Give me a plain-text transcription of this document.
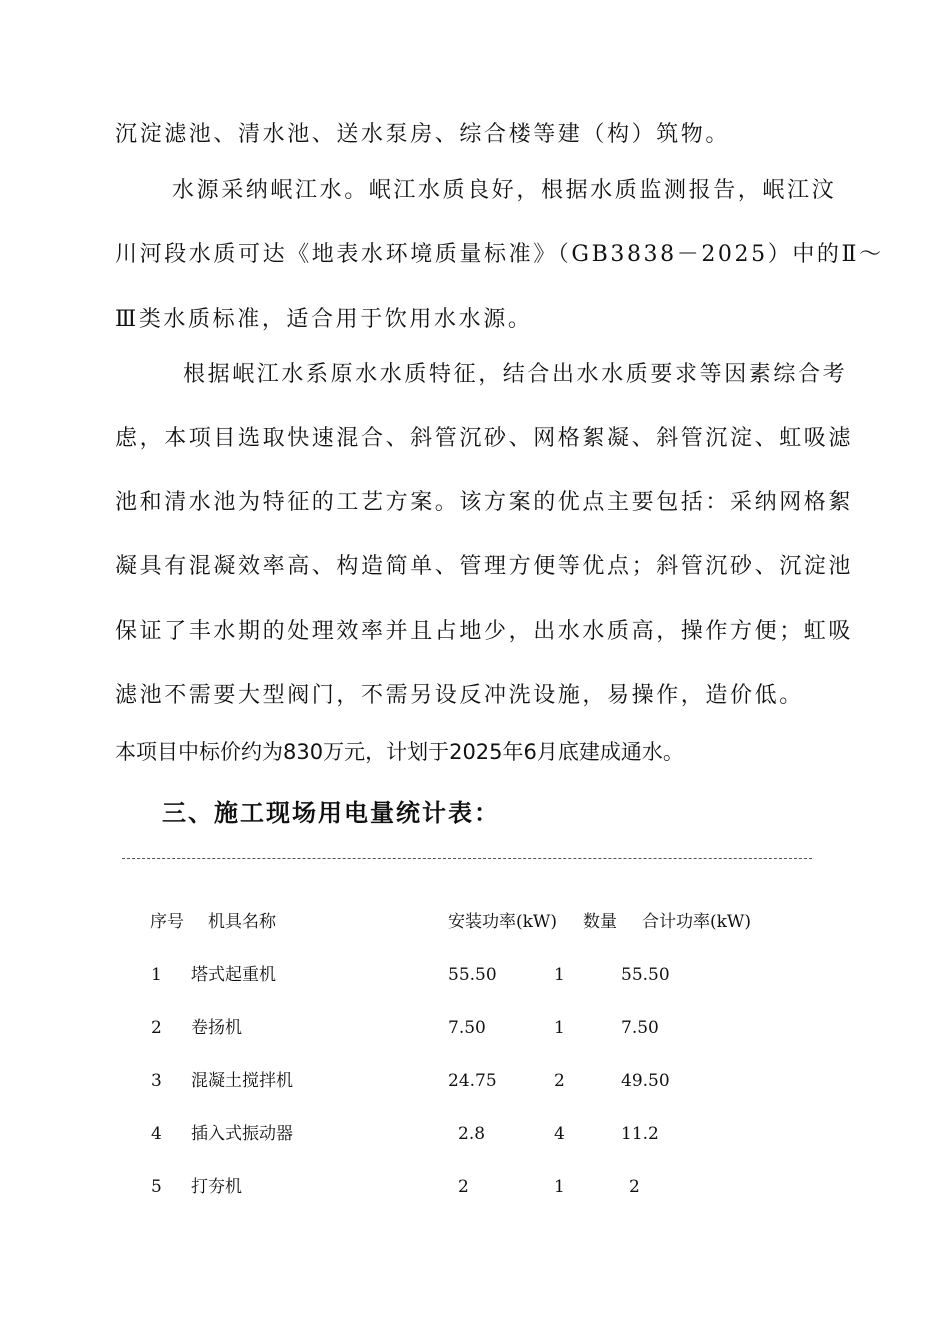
沉淀滤池、清水池、送水泵房、综合楼等建（构）筑物。
水源采纳岷江水。岷江水质良好，根据水质监测报告，岷江汶
川河段水质可达《地表水环境质量标准》（GB3838－2025）中的Ⅱ～
Ⅲ类水质标准，适合用于饮用水水源。
根据岷江水系原水水质特征，结合出水水质要求等因素综合考
虑，本项目选取快速混合、斜管沉砂、网格絮凝、斜管沉淀、虹吸滤
池和清水池为特征的工艺方案。该方案的优点主要包括：采纳网格絮
凝具有混凝效率高、构造简单、管理方便等优点；斜管沉砂、沉淀池
保证了丰水期的处理效率并且占地少，出水水质高，操作方便；虹吸
滤池不需要大型阀门，不需另设反冲洗设施，易操作，造价低。
本项目中标价约为830万元，计划于2025年6月底建成通水。
三、施工现场用电量统计表：
序号 机具名称	安装功率(kW) 数量 合计功率(kW)
1 塔式起重机	55.50	1	55.50
2 卷扬机	7.50	1	7.50
3 混凝土搅拌机	24.75	2	49.50
4 插入式振动器	2.8	4	11.2
5 打夯机	2	1	2
